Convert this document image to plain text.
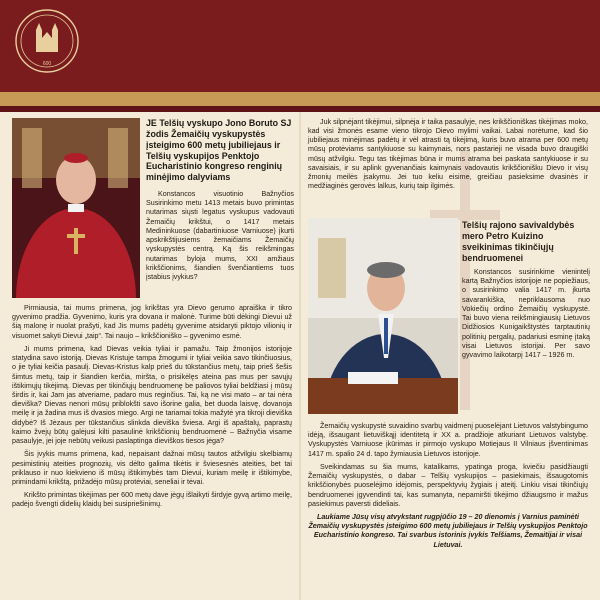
600
JE Telšių vyskupo Jono Boruto SJ žodis Žemaičių vyskupystės įsteigimo 600 metų jubiliejaus ir Telšių vyskupijos Penktojo Eucharistinio kongreso renginių minėjimo dalyviams

Konstancos visuotinio Bažnyčios Susirinkimo metu 1413 metais buvo primintas nutarimas siųsti legatus vyskupus vadovauti Žemaičių krikštui, o 1417 metais Medininkuose (dabartiniuose Varniuose) įkurti apskrikštijusiems žemaičiams Žemaičių vyskupystės centrą. Ką šis reikšmingas nutarimas byloja mums, XXI amžiaus krikščionims, šiandien švenčiantiems tuos įstabius įvykius?

Pirmiausia, tai mums primena, jog krikštas yra Dievo gerumo apraiška ir tikro gyvenimo pradžia. Gyvenimo, kuris yra dovana ir malonė. Turime būti dėkingi Dievui už šią malonę ir nuolat prašyti, kad Jis mums padėtų gyvenime atsidaryti piktojo vilionių ir visuomet sakyti Dievui „taip“. Tai naujo – krikščioniško – gyvenimo esmė.

Ji mums primena, kad Dievas veikia tyliai ir pamažu. Taip žmonijos istorijoje statydina savo istoriją. Dievas Kristuje tampa žmogumi ir tyliai veikia savo tikinčiuosius, o jie tyliai keičia pasaulį. Dievas-Kristus kalp prieš du tūkstančius metų, taip prieš šešis šimtus metų, taip ir šiandien kerčia, miršta, o prisikėlęs ateina pas mus per savųjų ištikimųjų tikėjimą. Dievas per tikinčiųjų bendruomenę be paliovos tyliai beldžiasi į mūsų širdis ir, kai Jam jas atveriame, padaro mus reginčius. Tai, ką ne visi mato – ar tai nėra dieviška? Dievas nenori mūsų priblokšti savo išorine galia, bet duoda laisvę, dovanoja meilę ir ja žadina mus iš dvasios miego. Argi ne tariamai tokia mažytė yra tikroji dieviška didybė? Iš Jėzaus per tūkstančius slinkda dieviška šviesa. Argi iš apaštalų, paprastų kaimo žvejų būtų galėjusi kilti pasaulinė krikščionių bendruomenė – Bažnyčia visame pasaulyje, jei joje nebūtų veikusi paslaptinga dieviškos tiesos jėga?

Šis įvykis mums primena, kad, nepaisant dažnai mūsų tautos atžvilgiu skelbiamų pesimistinių ateities prognozių, vis dėlto galima tikėtis ir šviesesnės ateities, bet tai priklauso ir nuo kiekvieno iš mūsų ištikimybės tam Dievui, kuriam meilę ir ištikimybe, primindami krikštą, prižadėjo mūsų protėviai, seneliai ir tėvai.

Krikšto primintas tikėjimas per 600 metų dave jėgų išlaikyti širdyje gyvą artimo meilę, padėjo švengti didelių klaidų bei susipriešinimų.

Juk silpnėjant tikėjimui, silpnėja ir taika pasaulyje, nes krikščioniškas tikėjimas moko, kad visi žmonės esame vieno tikrojo Dievo mylimi vaikai. Labai norėtume, kad šio jubiliejaus minėjimas padėtų ir vėl atrasti tą tikėjimą, kuris buvo atrama per 600 metų mūsų protėviams santykiuose su kaimynais, nors pastarieji ne visada buvo draugiški mūsų atžvilgiu. Tegu tas tikėjimas būna ir mums atrama bei paskata santykiuose ir su savaisiais, ir su aplink gyvenančiais kaimynais vadovautis krikščionišku Dievo ir visų žmonių meilės įsakymu. Jei tuo keliu eisime, greičiau pasieksime dvasinės ir medžiaginės gerovės lalkus, kurių taip ilgimės.

Telšių rajono savivaldybės mero Petro Kuizino sveikinimas tikinčiųjų bendruomenei

Konstancos susirinkime vienintelį kartą Bažnyčios istorijoje ne popiežiaus, o susirinkimo valia 1417 m. įkurta savarankiška, nepriklausoma nuo Vokiečių ordino Žemaičių vyskupystė. Tai buvo viena reikšmingiausių Lietuvos Didžiosios Kunigaikštystės tarptautinių politinių pergalių, padariusi esminę įtaką visai Lietuvos istorijai. Per savo gyvavimo laikotarpį 1417 – 1926 m.

Žemaičių vyskupystė suvaidino svarbų vaidmenį puoselėjant Lietuvos valstybingumo idėją, išsaugant lietuviškąjį identitetą ir XX a. pradžioje atkuriant Lietuvos valstybę. Vyskupystės Varniuose įkūrimas ir pirmojo vyskupo Motiejaus II Vilniaus įšventinimas 1417 m. spalio 24 d. tapo žymiausia Lietuvos istorijoje.

Sveikindamas su šia mums, katalikams, ypatinga proga, kviečiu pasidžiaugti Žemaičių vyskupystės, o dabar – Telšių vyskupijos – pasiekimais, išsaugotomis krikščionybės puoselėjimo idėjomis, perspektyvių žygiais į ateitį. Linkiu visai tikinčiųjų bendruomenei įgyvendinti tai, kas sumanyta, nepamiršti tikėjimo džiaugsmo ir mažus pasiekimus paversti dideliais.

Laukiame Jūsų visų atvykstant rugpjūčio 19 – 20 dienomis į Varnius paminėti Žemaičių vyskupystės įsteigimo 600 metų jubiliejaus ir Telšių vyskupijos Penktojo Eucharistinio kongreso. Tai svarbus istorinis įvykis Telšiams, Žemaitijai ir visai Lietuvai.
